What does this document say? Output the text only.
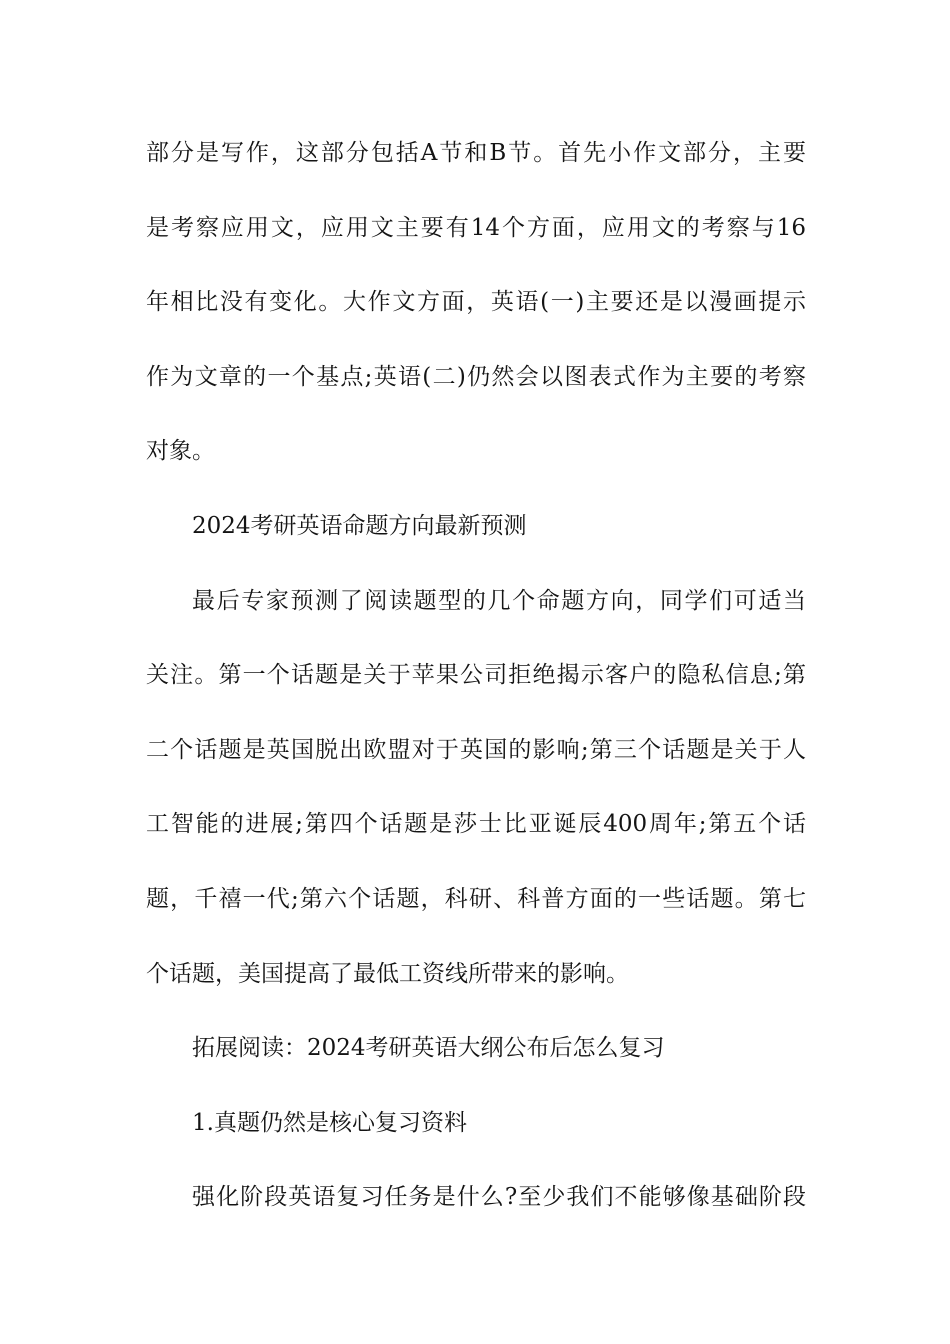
部分是写作，这部分包括A节和B节。首先小作文部分，主要
是考察应用文，应用文主要有14个方面，应用文的考察与16
年相比没有变化。大作文方面，英语(一)主要还是以漫画提示
作为文章的一个基点;英语(二)仍然会以图表式作为主要的考察
对象。
2024考研英语命题方向最新预测
最后专家预测了阅读题型的几个命题方向，同学们可适当
关注。第一个话题是关于苹果公司拒绝揭示客户的隐私信息;第
二个话题是英国脱出欧盟对于英国的影响;第三个话题是关于人
工智能的进展;第四个话题是莎士比亚诞辰400周年;第五个话
题，千禧一代;第六个话题，科研、科普方面的一些话题。第七
个话题，美国提高了最低工资线所带来的影响。
拓展阅读：2024考研英语大纲公布后怎么复习
1.真题仍然是核心复习资料
强化阶段英语复习任务是什么?至少我们不能够像基础阶段
